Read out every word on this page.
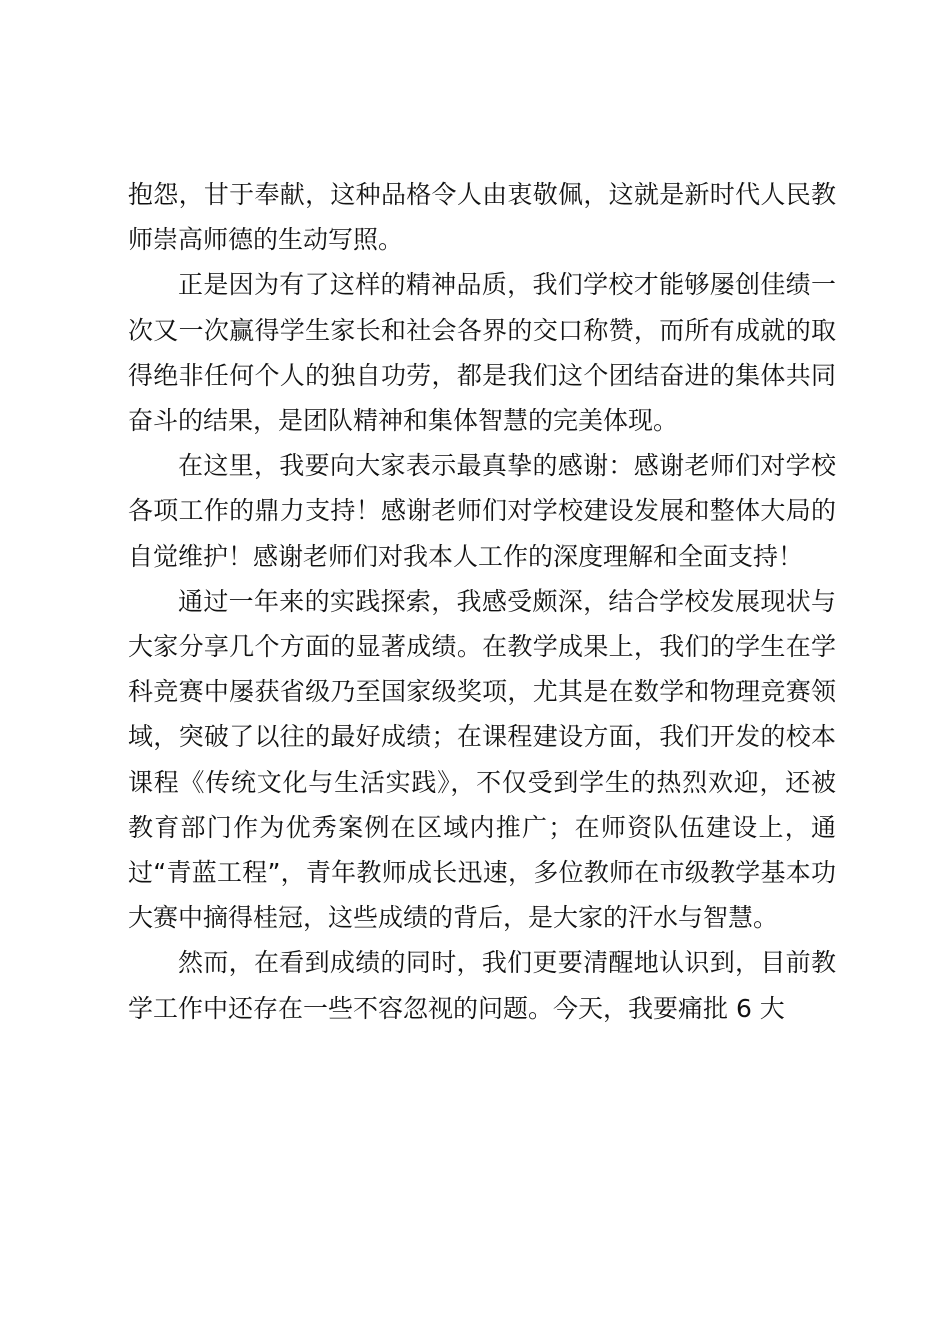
抱怨，甘于奉献，这种品格令人由衷敬佩，这就是新时代人民教师崇高师德的生动写照。

正是因为有了这样的精神品质，我们学校才能够屡创佳绩一次又一次赢得学生家长和社会各界的交口称赞，而所有成就的取得绝非任何个人的独自功劳，都是我们这个团结奋进的集体共同奋斗的结果，是团队精神和集体智慧的完美体现。

在这里，我要向大家表示最真挚的感谢：感谢老师们对学校各项工作的鼎力支持！感谢老师们对学校建设发展和整体大局的自觉维护！感谢老师们对我本人工作的深度理解和全面支持！

通过一年来的实践探索，我感受颇深，结合学校发展现状与大家分享几个方面的显著成绩。在教学成果上，我们的学生在学科竞赛中屡获省级乃至国家级奖项，尤其是在数学和物理竞赛领域，突破了以往的最好成绩；在课程建设方面，我们开发的校本课程《传统文化与生活实践》，不仅受到学生的热烈欢迎，还被教育部门作为优秀案例在区域内推广；在师资队伍建设上，通过“青蓝工程”，青年教师成长迅速，多位教师在市级教学基本功大赛中摘得桂冠，这些成绩的背后，是大家的汗水与智慧。

然而，在看到成绩的同时，我们更要清醒地认识到，目前教学工作中还存在一些不容忽视的问题。今天，我要痛批 6 大
